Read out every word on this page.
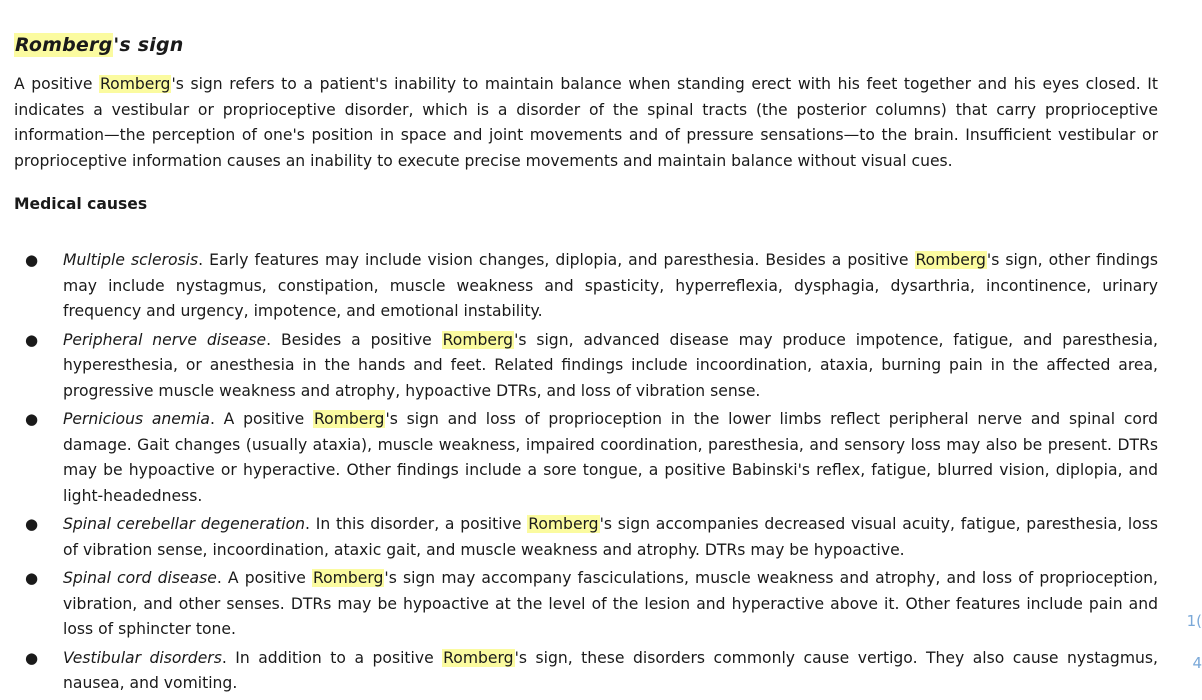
Romberg's sign

A positive Romberg's sign refers to a patient's inability to maintain balance when standing erect with his feet together and his eyes closed. It indicates a vestibular or proprioceptive disorder, which is a disorder of the spinal tracts (the posterior columns) that carry proprioceptive information—the perception of one's position in space and joint movements and of pressure sensations—to the brain. Insufficient vestibular or proprioceptive information causes an inability to execute precise movements and maintain balance without visual cues.

Medical causes
● Multiple sclerosis. Early features may include vision changes, diplopia, and paresthesia. Besides a positive Romberg's sign, other findings may include nystagmus, constipation, muscle weakness and spasticity, hyperreflexia, dysphagia, dysarthria, incontinence, urinary frequency and urgency, impotence, and emotional instability.
● Peripheral nerve disease. Besides a positive Romberg's sign, advanced disease may produce impotence, fatigue, and paresthesia, hyperesthesia, or anesthesia in the hands and feet. Related findings include incoordination, ataxia, burning pain in the affected area, progressive muscle weakness and atrophy, hypoactive DTRs, and loss of vibration sense.
● Pernicious anemia. A positive Romberg's sign and loss of proprioception in the lower limbs reflect peripheral nerve and spinal cord damage. Gait changes (usually ataxia), muscle weakness, impaired coordination, paresthesia, and sensory loss may also be present. DTRs may be hypoactive or hyperactive. Other findings include a sore tongue, a positive Babinski's reflex, fatigue, blurred vision, diplopia, and light-headedness.
● Spinal cerebellar degeneration. In this disorder, a positive Romberg's sign accompanies decreased visual acuity, fatigue, paresthesia, loss of vibration sense, incoordination, ataxic gait, and muscle weakness and atrophy. DTRs may be hypoactive.
● Spinal cord disease. A positive Romberg's sign may accompany fasciculations, muscle weakness and atrophy, and loss of proprioception, vibration, and other senses. DTRs may be hypoactive at the level of the lesion and hyperactive above it. Other features include pain and loss of sphincter tone.
● Vestibular disorders. In addition to a positive Romberg's sign, these disorders commonly cause vertigo. They also cause nystagmus, nausea, and vomiting.
1(
4
